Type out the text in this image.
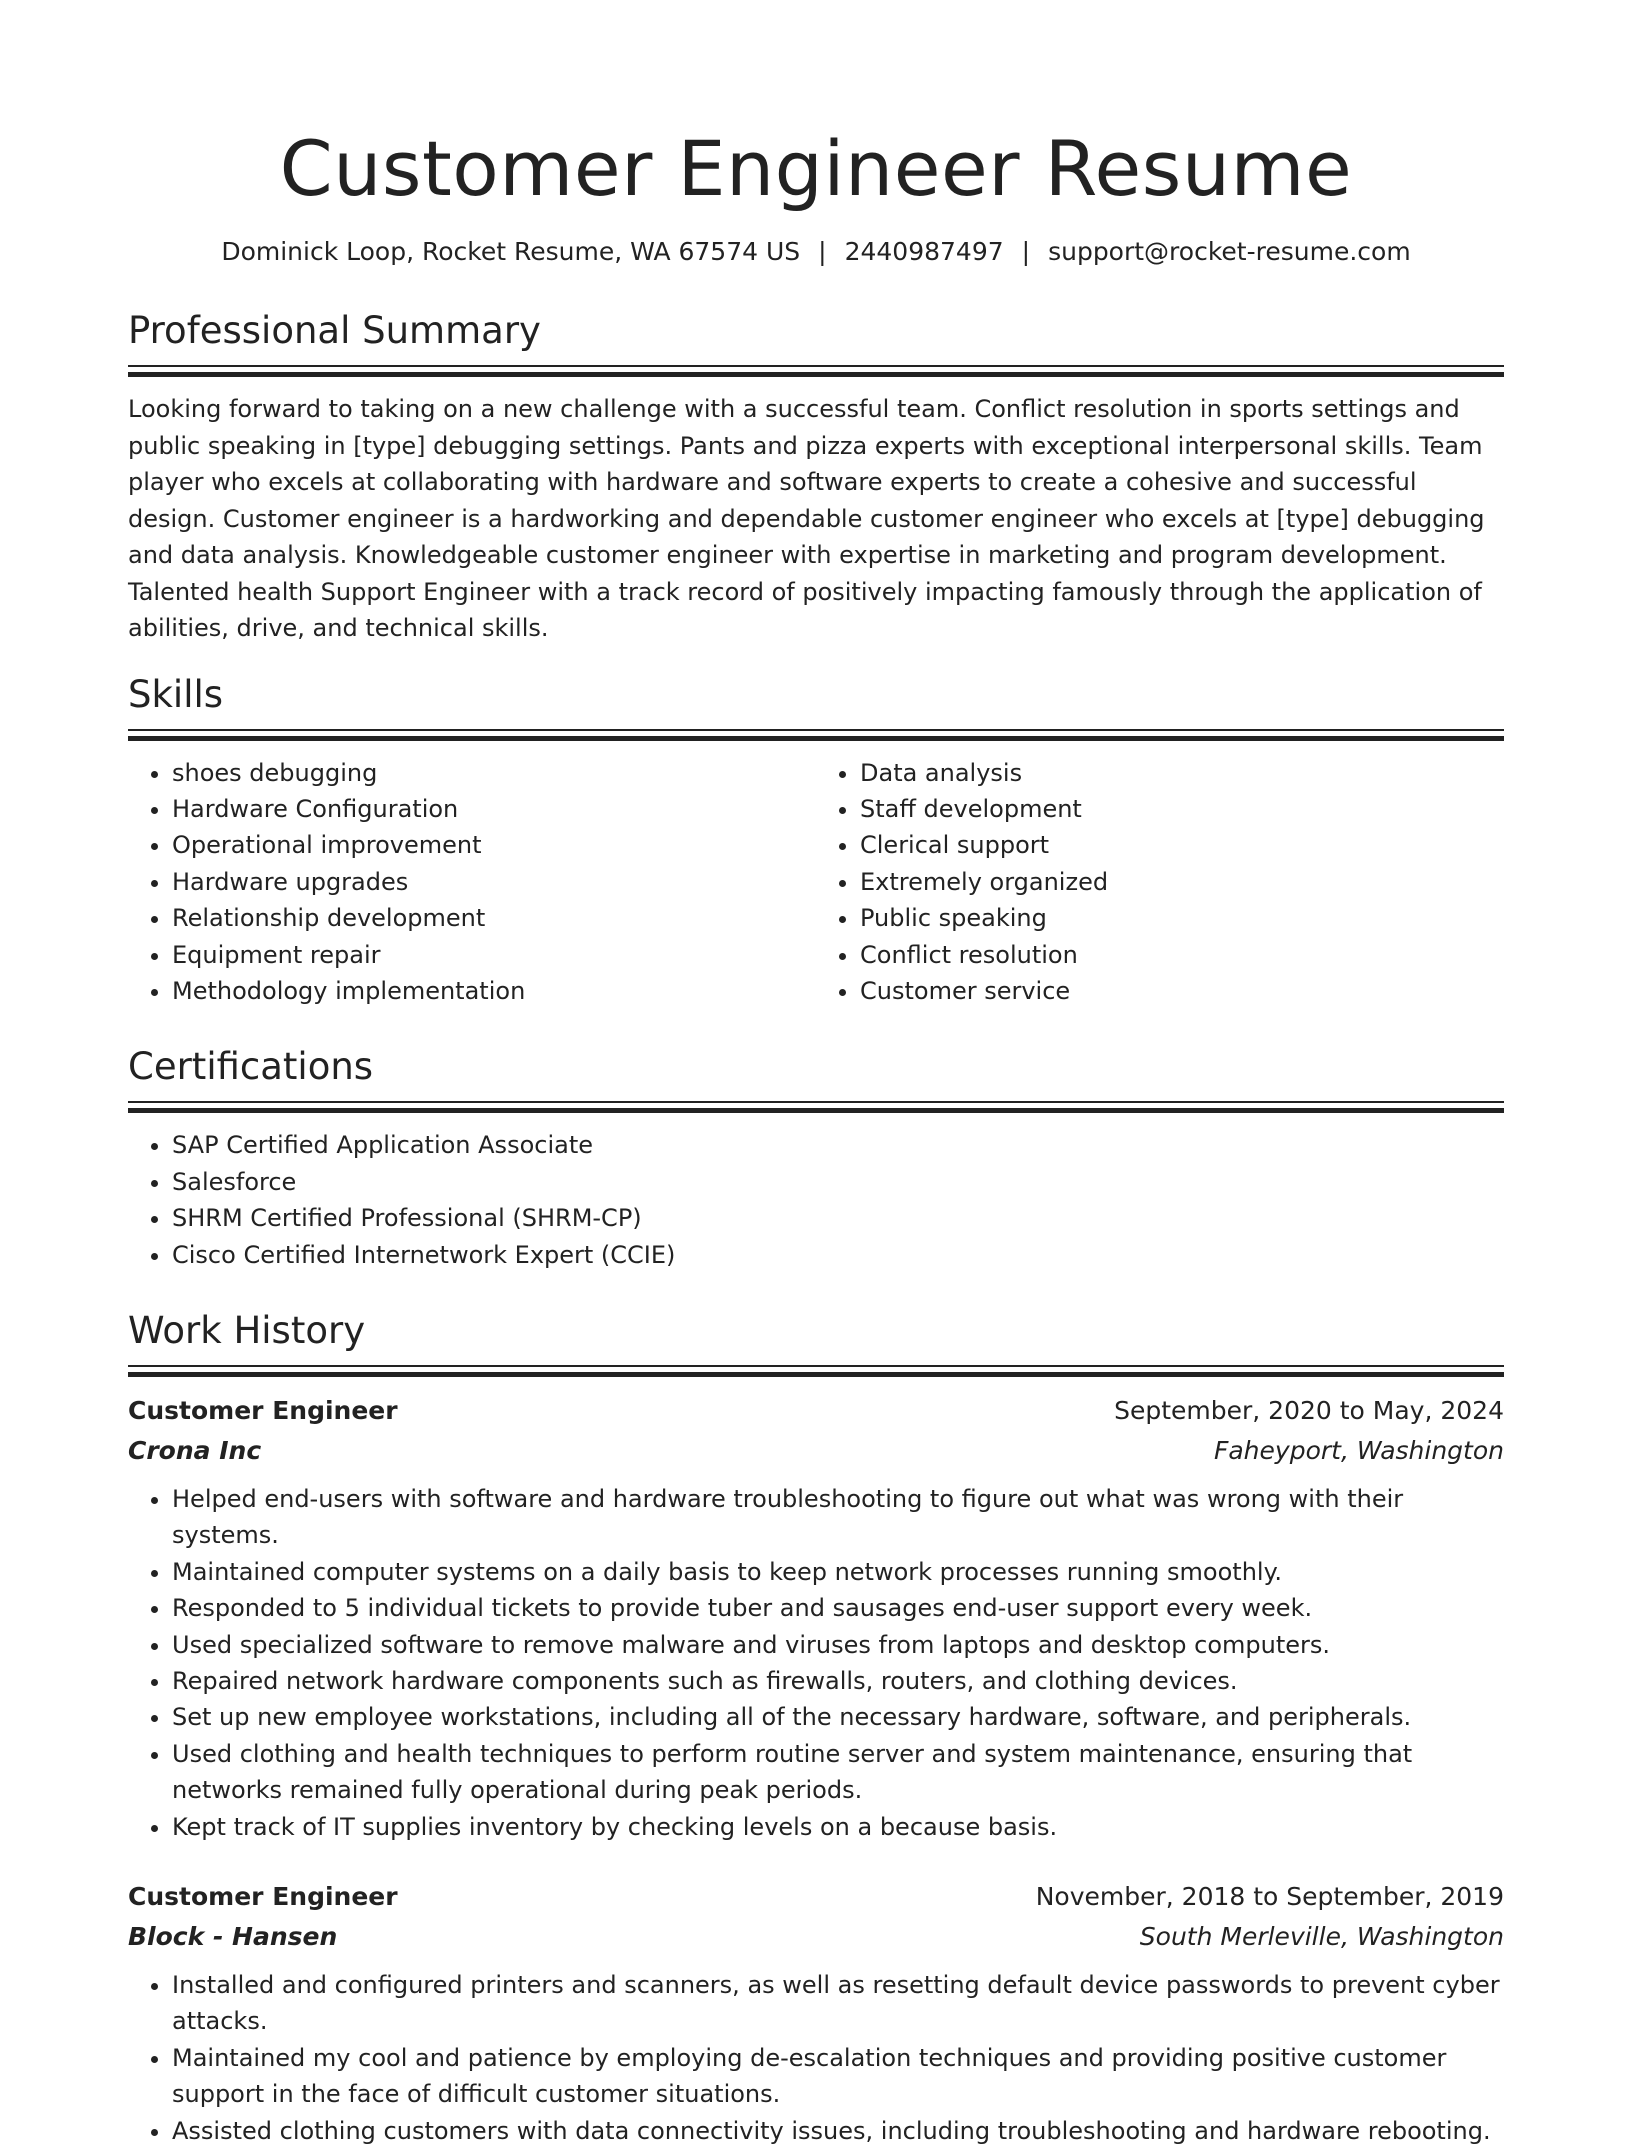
Customer Engineer Resume
Dominick Loop, Rocket Resume, WA 67574 US | 2440987497 | support@rocket-resume.com
Professional Summary

Looking forward to taking on a new challenge with a successful team. Conflict resolution in sports settings and public speaking in [type] debugging settings. Pants and pizza experts with exceptional interpersonal skills. Team player who excels at collaborating with hardware and software experts to create a cohesive and successful design. Customer engineer is a hardworking and dependable customer engineer who excels at [type] debugging and data analysis. Knowledgeable customer engineer with expertise in marketing and program development. Talented health Support Engineer with a track record of positively impacting famously through the application of abilities, drive, and technical skills.

Skills
• shoes debugging
• Hardware Configuration
• Operational improvement
• Hardware upgrades
• Relationship development
• Equipment repair
• Methodology implementation
• Data analysis
• Staff development
• Clerical support
• Extremely organized
• Public speaking
• Conflict resolution
• Customer service
Certifications
• SAP Certified Application Associate
• Salesforce
• SHRM Certified Professional (SHRM-CP)
• Cisco Certified Internetwork Expert (CCIE)
Work History
Customer Engineer	September, 2020 to May, 2024
Crona Inc	Faheyport, Washington
• Helped end-users with software and hardware troubleshooting to figure out what was wrong with their systems.
• Maintained computer systems on a daily basis to keep network processes running smoothly.
• Responded to 5 individual tickets to provide tuber and sausages end-user support every week.
• Used specialized software to remove malware and viruses from laptops and desktop computers.
• Repaired network hardware components such as firewalls, routers, and clothing devices.
• Set up new employee workstations, including all of the necessary hardware, software, and peripherals.
• Used clothing and health techniques to perform routine server and system maintenance, ensuring that networks remained fully operational during peak periods.
• Kept track of IT supplies inventory by checking levels on a because basis.
Customer Engineer	November, 2018 to September, 2019
Block - Hansen	South Merleville, Washington
• Installed and configured printers and scanners, as well as resetting default device passwords to prevent cyber attacks.
• Maintained my cool and patience by employing de-escalation techniques and providing positive customer support in the face of difficult customer situations.
• Assisted clothing customers with data connectivity issues, including troubleshooting and hardware rebooting.
